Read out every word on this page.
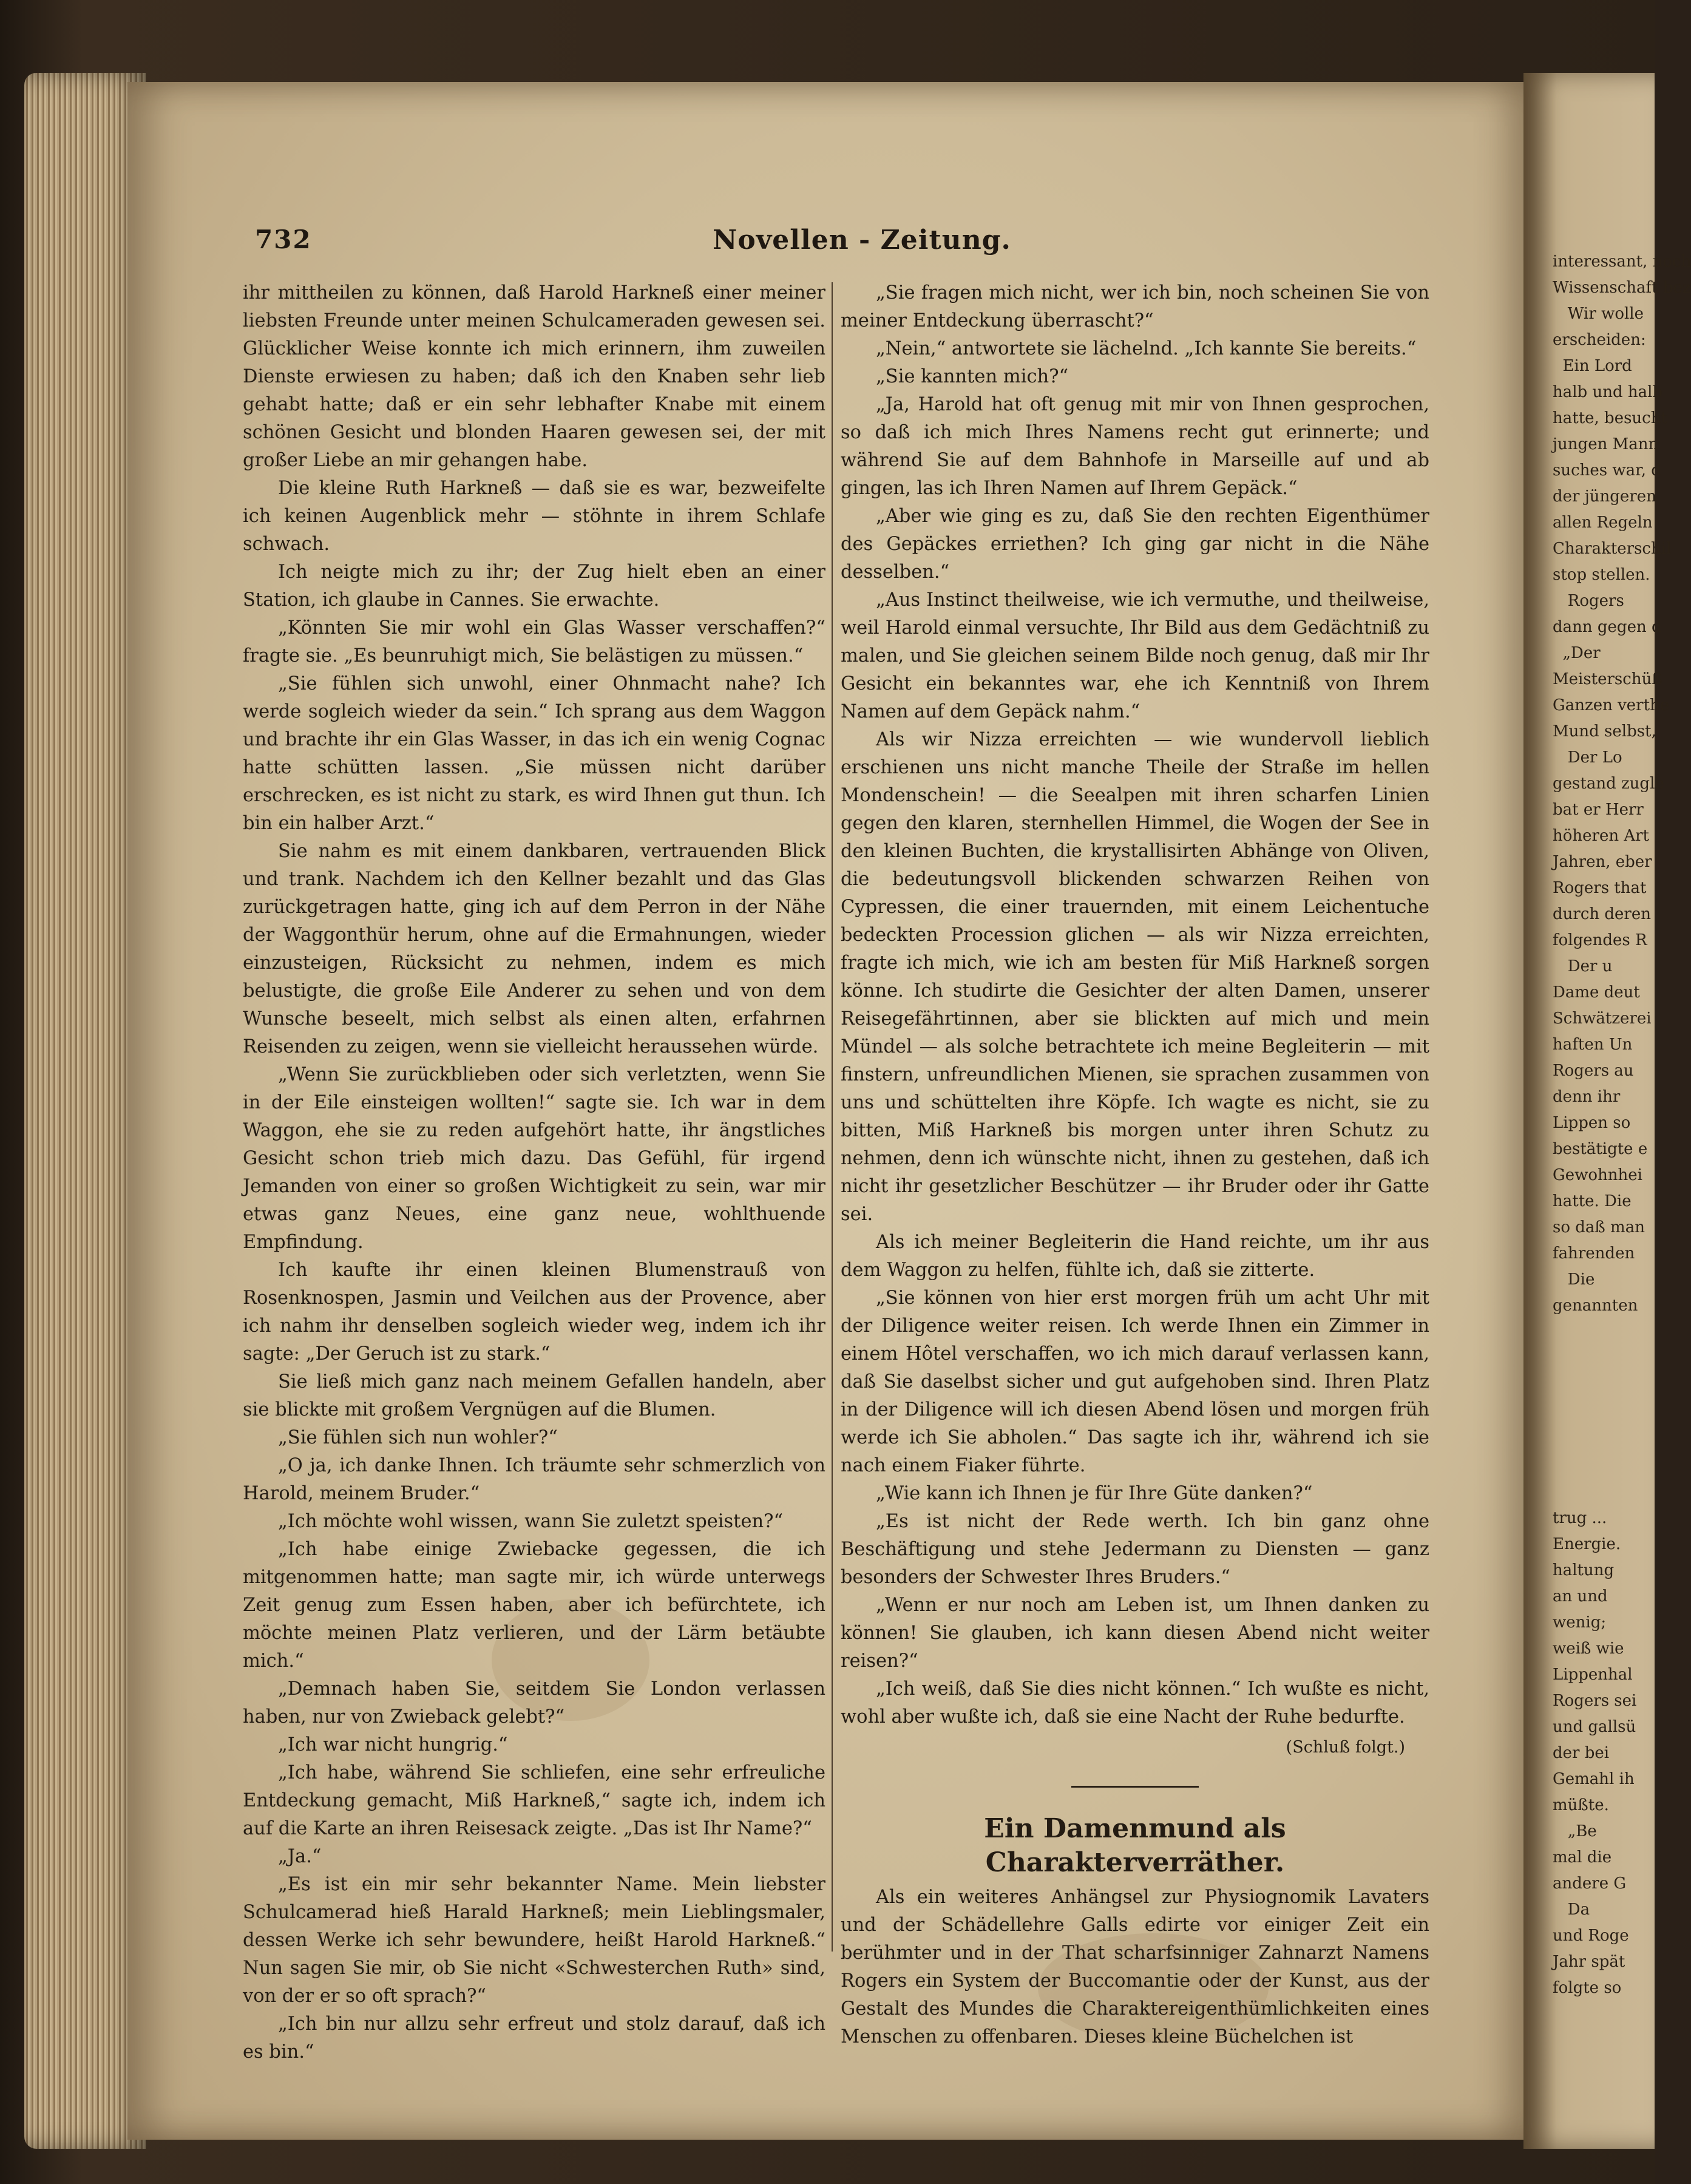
interessant, noch
Wissenschaft bez
Wir wolle
erscheiden:
Ein Lord
halb und halb
hatte, besucht
jungen Mann
suches war, d
der jüngeren
allen Regeln
Charakterschil
stop stellen.
Rogers
dann gegen d
„Der
Meisterschüß
Ganzen verthe
Mund selbst,
Der Lo
gestand zugle
bat er Herr
höheren Art
Jahren, eber
Rogers that
durch deren
folgendes R
Der u
Dame deut
Schwätzerei
haften Un
Rogers au
denn ihr
Lippen so
bestätigte e
Gewohnhei
hatte. Die
so daß man
fahrenden
Die
genannten
trug ...
Energie.
haltung
an und
wenig;
weiß wie
Lippenhal
Rogers sei
und gallsü
der bei
Gemahl ih
müßte.
„Be
mal die
andere G
Da
und Roge
Jahr spät
folgte so
732	Novellen - Zeitung.

ihr mittheilen zu können, daß Harold Harkneß einer meiner liebsten Freunde unter meinen Schulcameraden gewesen sei. Glücklicher Weise konnte ich mich erinnern, ihm zuweilen Dienste erwiesen zu haben; daß ich den Knaben sehr lieb gehabt hatte; daß er ein sehr lebhafter Knabe mit einem schönen Gesicht und blonden Haaren gewesen sei, der mit großer Liebe an mir gehangen habe.

Die kleine Ruth Harkneß — daß sie es war, bezweifelte ich keinen Augenblick mehr — stöhnte in ihrem Schlafe schwach.

Ich neigte mich zu ihr; der Zug hielt eben an einer Station, ich glaube in Cannes. Sie erwachte.

„Könnten Sie mir wohl ein Glas Wasser verschaffen?“ fragte sie. „Es beunruhigt mich, Sie belästigen zu müssen.“

„Sie fühlen sich unwohl, einer Ohnmacht nahe? Ich werde sogleich wieder da sein.“ Ich sprang aus dem Waggon und brachte ihr ein Glas Wasser, in das ich ein wenig Cognac hatte schütten lassen. „Sie müssen nicht darüber erschrecken, es ist nicht zu stark, es wird Ihnen gut thun. Ich bin ein halber Arzt.“

Sie nahm es mit einem dankbaren, vertrauenden Blick und trank. Nachdem ich den Kellner bezahlt und das Glas zurückgetragen hatte, ging ich auf dem Perron in der Nähe der Waggonthür herum, ohne auf die Ermahnungen, wieder einzusteigen, Rücksicht zu nehmen, indem es mich belustigte, die große Eile Anderer zu sehen und von dem Wunsche beseelt, mich selbst als einen alten, erfahrnen Reisenden zu zeigen, wenn sie vielleicht heraussehen würde.

„Wenn Sie zurückblieben oder sich verletzten, wenn Sie in der Eile einsteigen wollten!“ sagte sie. Ich war in dem Waggon, ehe sie zu reden aufgehört hatte, ihr ängstliches Gesicht schon trieb mich dazu. Das Gefühl, für irgend Jemanden von einer so großen Wichtigkeit zu sein, war mir etwas ganz Neues, eine ganz neue, wohlthuende Empfindung.

Ich kaufte ihr einen kleinen Blumenstrauß von Rosenknospen, Jasmin und Veilchen aus der Provence, aber ich nahm ihr denselben sogleich wieder weg, indem ich ihr sagte: „Der Geruch ist zu stark.“

Sie ließ mich ganz nach meinem Gefallen handeln, aber sie blickte mit großem Vergnügen auf die Blumen.

„Sie fühlen sich nun wohler?“

„O ja, ich danke Ihnen. Ich träumte sehr schmerzlich von Harold, meinem Bruder.“

„Ich möchte wohl wissen, wann Sie zuletzt speisten?“

„Ich habe einige Zwiebacke gegessen, die ich mitgenommen hatte; man sagte mir, ich würde unterwegs Zeit genug zum Essen haben, aber ich befürchtete, ich möchte meinen Platz verlieren, und der Lärm betäubte mich.“

„Demnach haben Sie, seitdem Sie London verlassen haben, nur von Zwieback gelebt?“

„Ich war nicht hungrig.“

„Ich habe, während Sie schliefen, eine sehr erfreuliche Entdeckung gemacht, Miß Harkneß,“ sagte ich, indem ich auf die Karte an ihren Reisesack zeigte. „Das ist Ihr Name?“

„Ja.“

„Es ist ein mir sehr bekannter Name. Mein liebster Schulcamerad hieß Harald Harkneß; mein Lieblingsmaler, dessen Werke ich sehr bewundere, heißt Harold Harkneß.“ Nun sagen Sie mir, ob Sie nicht «Schwesterchen Ruth» sind, von der er so oft sprach?“

„Ich bin nur allzu sehr erfreut und stolz darauf, daß ich es bin.“

„Sie fragen mich nicht, wer ich bin, noch scheinen Sie von meiner Entdeckung überrascht?“

„Nein,“ antwortete sie lächelnd. „Ich kannte Sie bereits.“

„Sie kannten mich?“

„Ja, Harold hat oft genug mit mir von Ihnen gesprochen, so daß ich mich Ihres Namens recht gut erinnerte; und während Sie auf dem Bahnhofe in Marseille auf und ab gingen, las ich Ihren Namen auf Ihrem Gepäck.“

„Aber wie ging es zu, daß Sie den rechten Eigenthümer des Gepäckes erriethen? Ich ging gar nicht in die Nähe desselben.“

„Aus Instinct theilweise, wie ich vermuthe, und theilweise, weil Harold einmal versuchte, Ihr Bild aus dem Gedächtniß zu malen, und Sie gleichen seinem Bilde noch genug, daß mir Ihr Gesicht ein bekanntes war, ehe ich Kenntniß von Ihrem Namen auf dem Gepäck nahm.“

Als wir Nizza erreichten — wie wundervoll lieblich erschienen uns nicht manche Theile der Straße im hellen Mondenschein! — die Seealpen mit ihren scharfen Linien gegen den klaren, sternhellen Himmel, die Wogen der See in den kleinen Buchten, die krystallisirten Abhänge von Oliven, die bedeutungsvoll blickenden schwarzen Reihen von Cypressen, die einer trauernden, mit einem Leichentuche bedeckten Procession glichen — als wir Nizza erreichten, fragte ich mich, wie ich am besten für Miß Harkneß sorgen könne. Ich studirte die Gesichter der alten Damen, unserer Reisegefährtinnen, aber sie blickten auf mich und mein Mündel — als solche betrachtete ich meine Begleiterin — mit finstern, unfreundlichen Mienen, sie sprachen zusammen von uns und schüttelten ihre Köpfe. Ich wagte es nicht, sie zu bitten, Miß Harkneß bis morgen unter ihren Schutz zu nehmen, denn ich wünschte nicht, ihnen zu gestehen, daß ich nicht ihr gesetzlicher Beschützer — ihr Bruder oder ihr Gatte sei.

Als ich meiner Begleiterin die Hand reichte, um ihr aus dem Waggon zu helfen, fühlte ich, daß sie zitterte.

„Sie können von hier erst morgen früh um acht Uhr mit der Diligence weiter reisen. Ich werde Ihnen ein Zimmer in einem Hôtel verschaffen, wo ich mich darauf verlassen kann, daß Sie daselbst sicher und gut aufgehoben sind. Ihren Platz in der Diligence will ich diesen Abend lösen und morgen früh werde ich Sie abholen.“ Das sagte ich ihr, während ich sie nach einem Fiaker führte.

„Wie kann ich Ihnen je für Ihre Güte danken?“

„Es ist nicht der Rede werth. Ich bin ganz ohne Beschäftigung und stehe Jedermann zu Diensten — ganz besonders der Schwester Ihres Bruders.“

„Wenn er nur noch am Leben ist, um Ihnen danken zu können! Sie glauben, ich kann diesen Abend nicht weiter reisen?“

„Ich weiß, daß Sie dies nicht können.“ Ich wußte es nicht, wohl aber wußte ich, daß sie eine Nacht der Ruhe bedurfte.

(Schluß folgt.)
Ein Damenmund als Charakterverräther.

Als ein weiteres Anhängsel zur Physiognomik Lavaters und der Schädellehre Galls edirte vor einiger Zeit ein berühmter und in der That scharfsinniger Zahnarzt Namens Rogers ein System der Buccomantie oder der Kunst, aus der Gestalt des Mundes die Charaktereigenthümlichkeiten eines Menschen zu offenbaren. Dieses kleine Büchelchen ist
